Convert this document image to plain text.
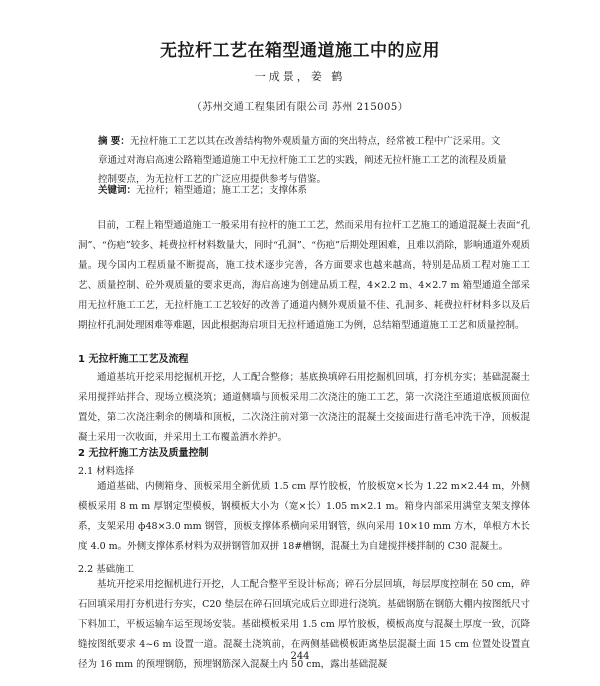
无拉杆工艺在箱型通道施工中的应用
一成景，姜 鹤
（苏州交通工程集团有限公司 苏州 215005）

摘 要：无拉杆施工工艺以其在改善结构物外观质量方面的突出特点，经常被工程中广泛采用。文章通过对海启高速公路箱型通道施工中无拉杆施工工艺的实践，阐述无拉杆施工工艺的流程及质量控制要点，为无拉杆工艺的广泛应用提供参考与借鉴。

关键词：无拉杆；箱型通道；施工工艺；支撑体系

目前，工程上箱型通道施工一般采用有拉杆的施工工艺，然而采用有拉杆工艺施工的通道混凝土表面“孔洞”、“伤疤”较多、耗费拉杆材料数量大，同时“孔洞”、“伤疤”后期处理困难，且难以消除，影响通道外观质量。现今国内工程质量不断提高，施工技术逐步完善，各方面要求也越来越高，特别是品质工程对施工工艺、质量控制、砼外观质量的要求更高，海启高速为创建品质工程，4×2.2 m、4×2.7 m 箱型通道全部采用无拉杆施工工艺，无拉杆施工工艺较好的改善了通道内侧外观质量不佳、孔洞多、耗费拉杆材料多以及后期拉杆孔洞处理困难等难题，因此根据海启项目无拉杆通道施工为例，总结箱型通道施工工艺和质量控制。

1 无拉杆施工工艺及流程

通道基坑开挖采用挖掘机开挖，人工配合整修；基底换填碎石用挖掘机回填，打夯机夯实；基础混凝土采用搅拌站拌合、现场立模浇筑；通道侧墙与顶板采用二次浇注的施工工艺，第一次浇注至通道底板顶面位置处，第二次浇注剩余的侧墙和顶板，二次浇注前对第一次浇注的混凝土交接面进行凿毛冲洗干净，顶板混凝土采用一次收面，并采用土工布覆盖洒水养护。

2 无拉杆施工方法及质量控制
2.1 材料选择

通道基础、内侧箱身、顶板采用全新优质 1.5 cm 厚竹胶板，竹胶板宽×长为 1.22 m×2.44 m，外侧模板采用 8 m m 厚钢定型模板，钢模板大小为（宽×长）1.05 m×2.1 m。箱身内部采用满堂支架支撑体系，支架采用 ф48×3.0 mm 钢管，顶板支撑体系横向采用钢管，纵向采用 10×10 mm 方木，单根方木长度 4.0 m。外侧支撑体系材料为双拼钢管加双拼 18#槽钢，混凝土为自建搅拌楼拌制的 C30 混凝土。

2.2 基础施工

基坑开挖采用挖掘机进行开挖，人工配合整平至设计标高；碎石分层回填，每层厚度控制在 50 cm，碎石回填采用打夯机进行夯实，C20 垫层在碎石回填完成后立即进行浇筑。基础钢筋在钢筋大棚内按图纸尺寸下料加工，平板运输车运至现场安装。基础模板采用 1.5 cm 厚竹胶板，模板高度与混凝土厚度一致，沉降缝按图纸要求 4~6 m 设置一道。混凝土浇筑前，在两侧基础模板距离垫层混凝土面 15 cm 位置处设置直径为 16 mm 的预埋钢筋，预埋钢筋深入混凝土内 50 cm，露出基础混凝

244
